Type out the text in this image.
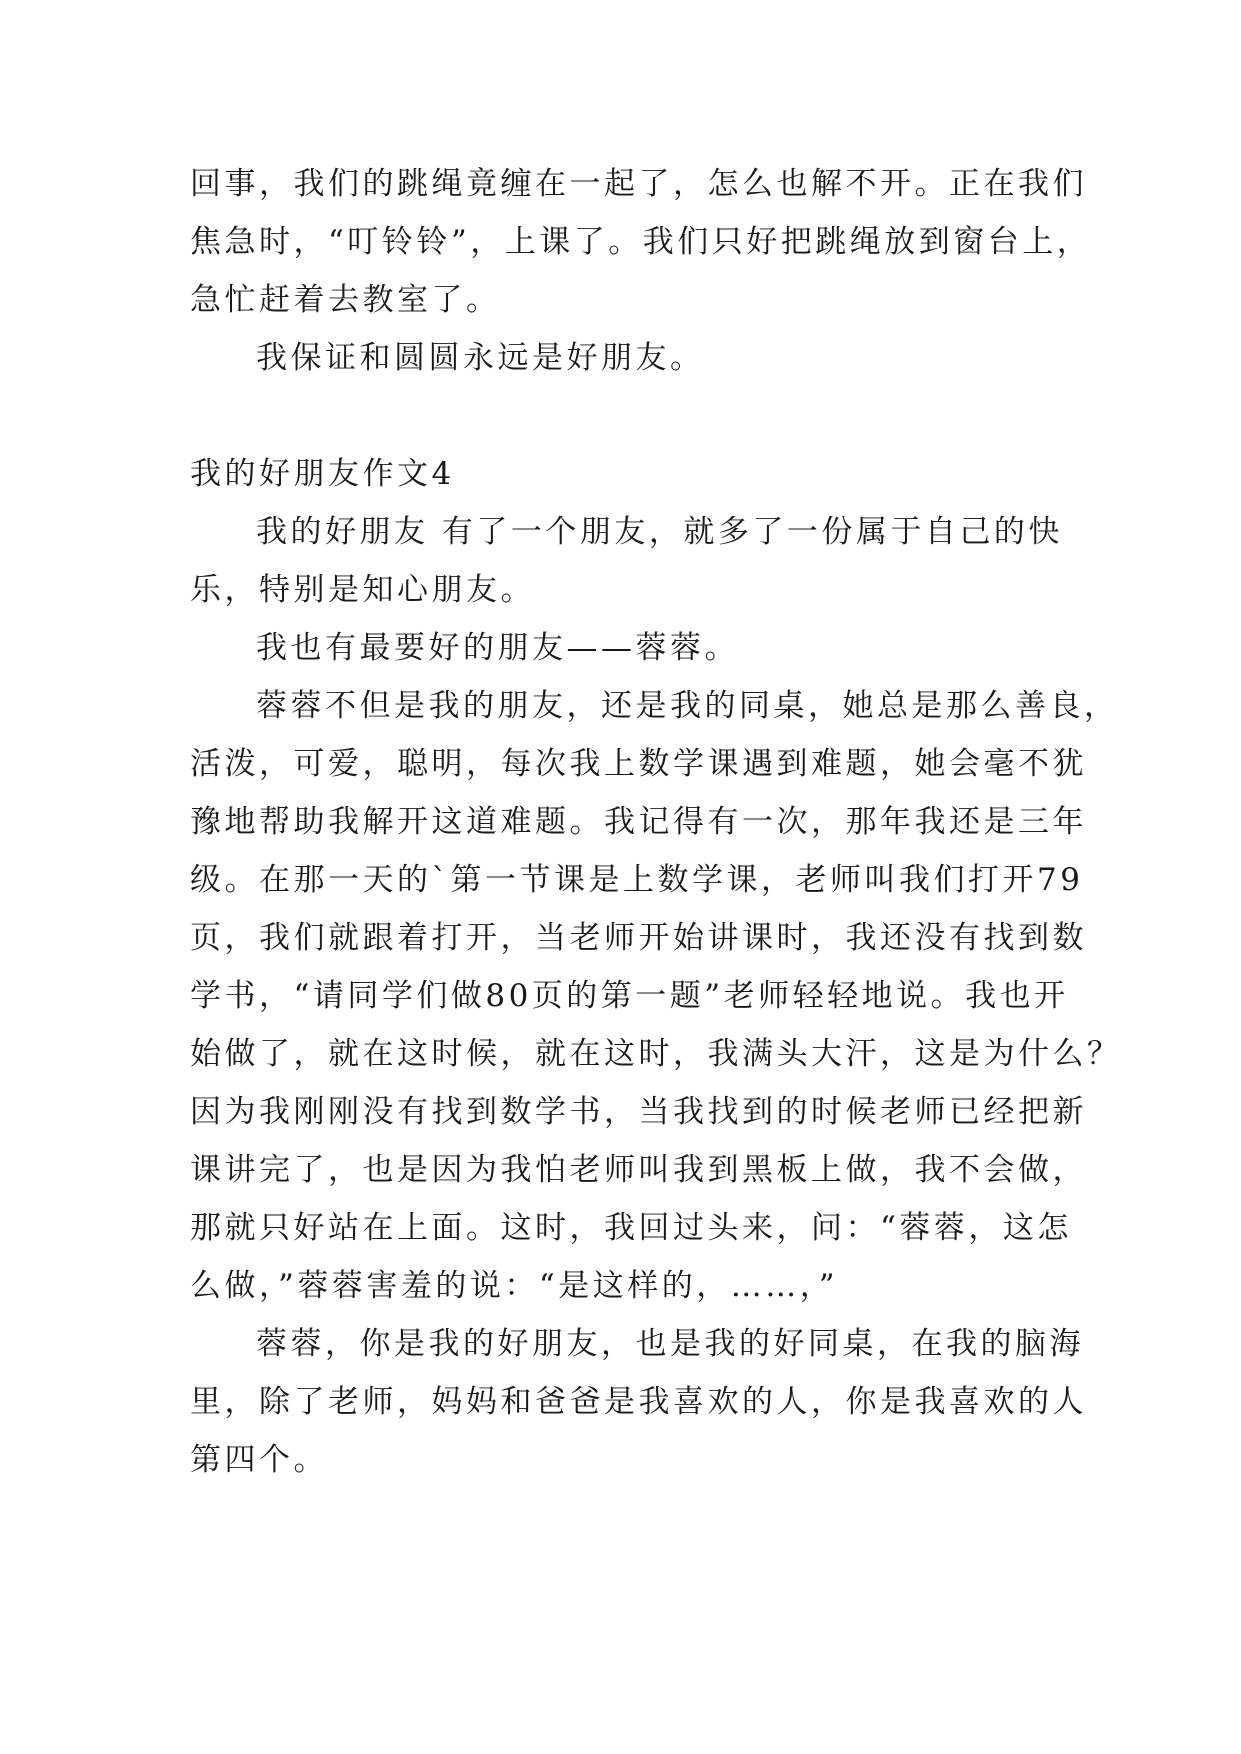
回事，我们的跳绳竟缠在一起了，怎么也解不开。正在我们
焦急时，“叮铃铃”，上课了。我们只好把跳绳放到窗台上，
急忙赶着去教室了。
我保证和圆圆永远是好朋友。
我的好朋友作文4
我的好朋友 有了一个朋友，就多了一份属于自己的快
乐，特别是知心朋友。
我也有最要好的朋友——蓉蓉。
蓉蓉不但是我的朋友，还是我的同桌，她总是那么善良，
活泼，可爱，聪明，每次我上数学课遇到难题，她会毫不犹
豫地帮助我解开这道难题。我记得有一次，那年我还是三年
级。在那一天的`第一节课是上数学课，老师叫我们打开79
页，我们就跟着打开，当老师开始讲课时，我还没有找到数
学书，“请同学们做80页的第一题”老师轻轻地说。我也开
始做了，就在这时候，就在这时，我满头大汗，这是为什么？
因为我刚刚没有找到数学书，当我找到的时候老师已经把新
课讲完了，也是因为我怕老师叫我到黑板上做，我不会做，
那就只好站在上面。这时，我回过头来，问：“蓉蓉，这怎
么做，”蓉蓉害羞的说：“是这样的，……，”
蓉蓉，你是我的好朋友，也是我的好同桌，在我的脑海
里，除了老师，妈妈和爸爸是我喜欢的人，你是我喜欢的人
第四个。
